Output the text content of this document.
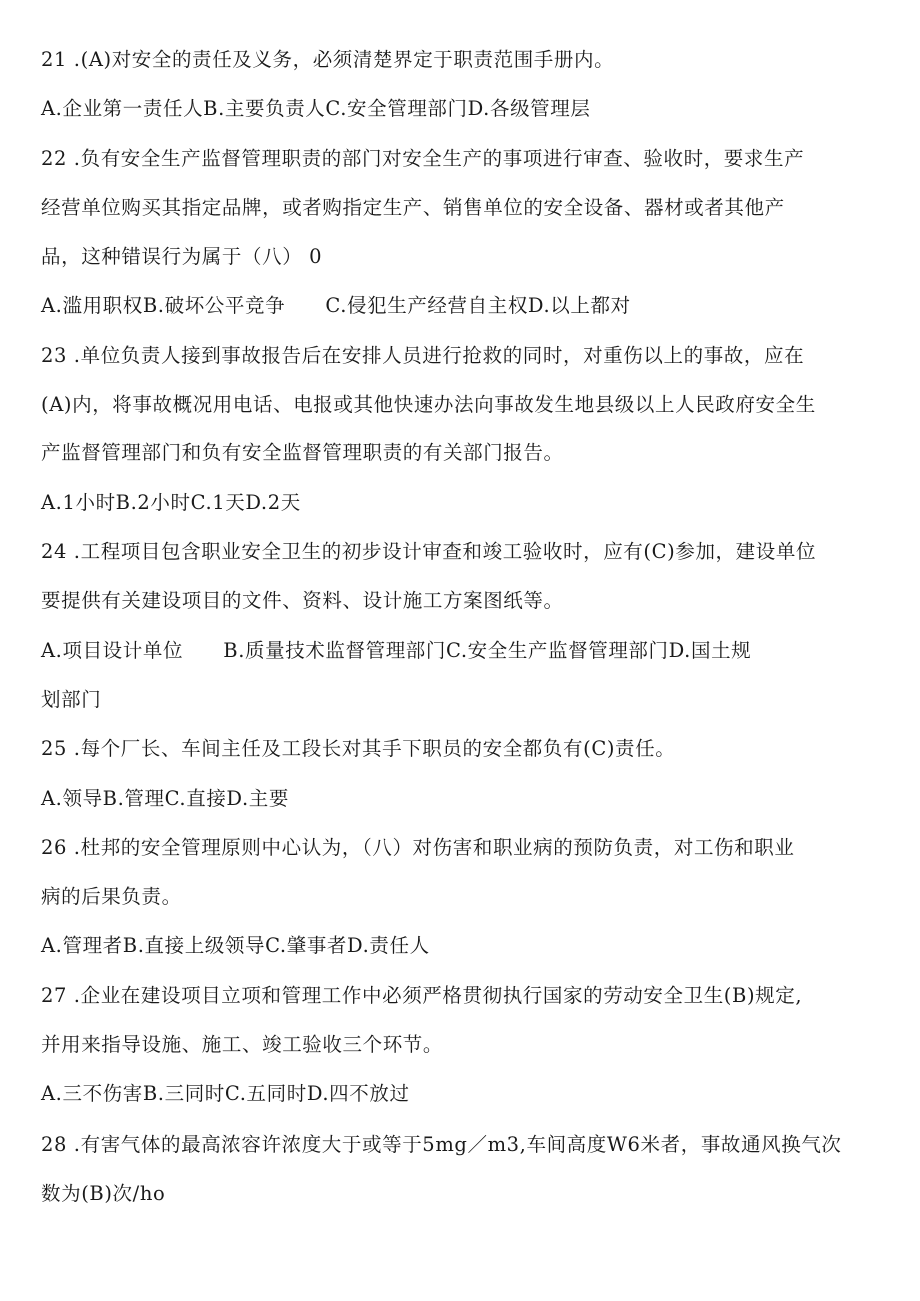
21 .(A)对安全的责任及义务，必须清楚界定于职责范围手册内。

A.企业第一责任人B.主要负责人C.安全管理部门D.各级管理层

22 .负有安全生产监督管理职责的部门对安全生产的事项进行审查、验收时，要求生产

经营单位购买其指定品牌，或者购指定生产、销售单位的安全设备、器材或者其他产

品，这种错误行为属于（八） 0

A.滥用职权B.破坏公平竞争　　C.侵犯生产经营自主权D.以上都对

23 .单位负责人接到事故报告后在安排人员进行抢救的同时，对重伤以上的事故，应在

(A)内，将事故概况用电话、电报或其他快速办法向事故发生地县级以上人民政府安全生

产监督管理部门和负有安全监督管理职责的有关部门报告。

A.1小时B.2小时C.1天D.2天

24 .工程项目包含职业安全卫生的初步设计审查和竣工验收时，应有(C)参加，建设单位

要提供有关建设项目的文件、资料、设计施工方案图纸等。

A.项目设计单位　　B.质量技术监督管理部门C.安全生产监督管理部门D.国土规

划部门

25 .每个厂长、车间主任及工段长对其手下职员的安全都负有(C)责任。

A.领导B.管理C.直接D.主要

26 .杜邦的安全管理原则中心认为，（八）对伤害和职业病的预防负责，对工伤和职业

病的后果负责。

A.管理者B.直接上级领导C.肇事者D.责任人

27 .企业在建设项目立项和管理工作中必须严格贯彻执行国家的劳动安全卫生(B)规定,

并用来指导设施、施工、竣工验收三个环节。

A.三不伤害B.三同时C.五同时D.四不放过

28 .有害气体的最高浓容许浓度大于或等于5mg／m3,车间高度W6米者，事故通风换气次

数为(B)次/ho
